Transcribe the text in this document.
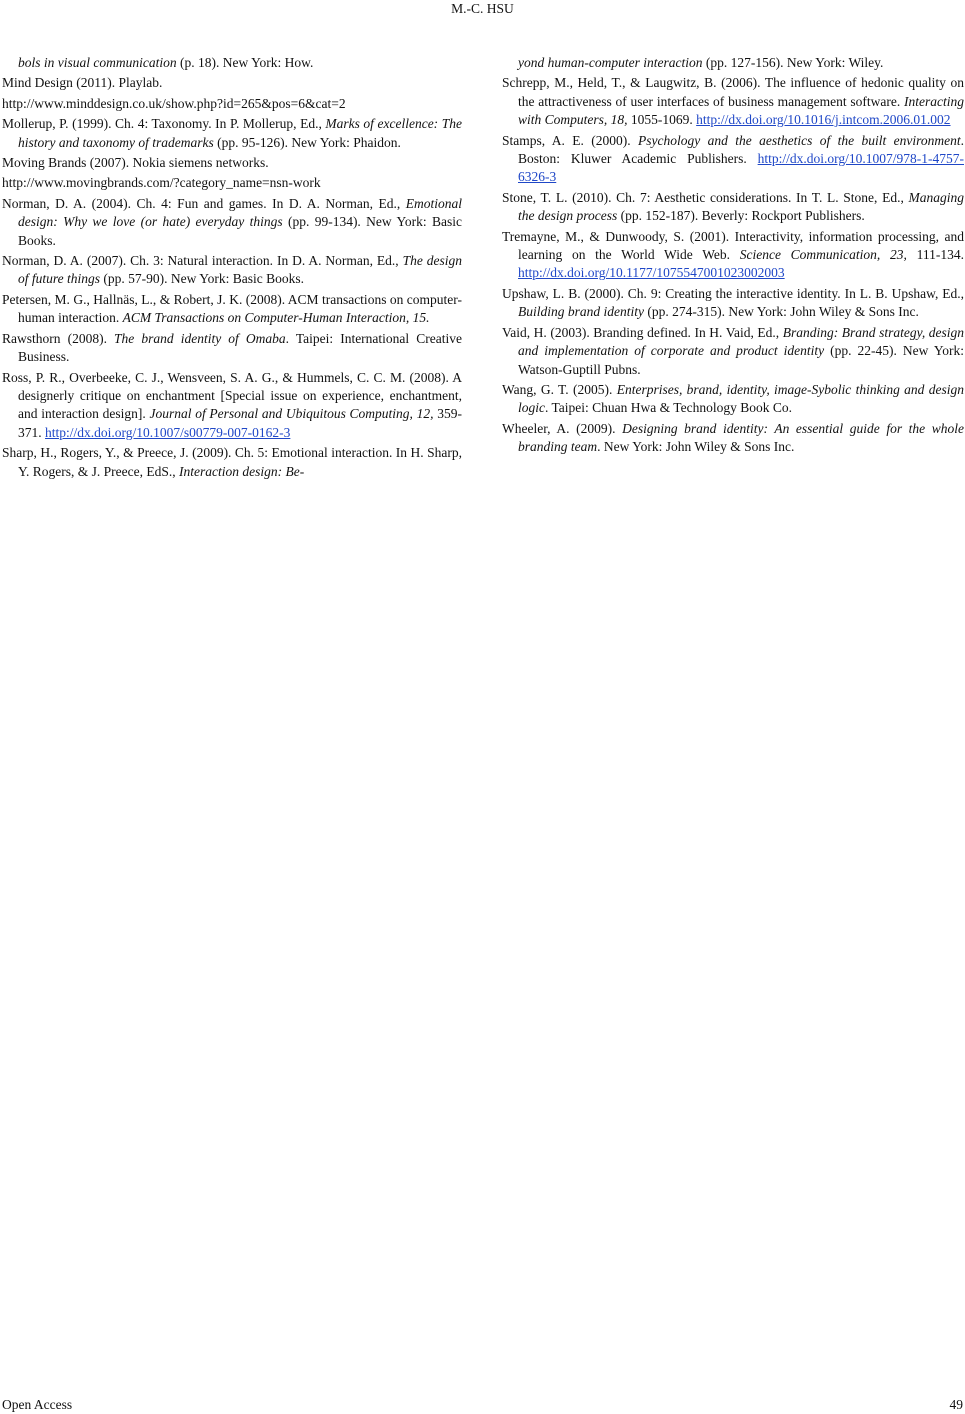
M.-C. HSU

bols in visual communication (p. 18). New York: How.

Mind Design (2011). Playlab.

http://www.minddesign.co.uk/show.php?id=265&pos=6&cat=2

Mollerup, P. (1999). Ch. 4: Taxonomy. In P. Mollerup, Ed., Marks of excellence: The history and taxonomy of trademarks (pp. 95-126). New York: Phaidon.

Moving Brands (2007). Nokia siemens networks.

http://www.movingbrands.com/?category_name=nsn-work

Norman, D. A. (2004). Ch. 4: Fun and games. In D. A. Norman, Ed., Emotional design: Why we love (or hate) everyday things (pp. 99-134). New York: Basic Books.

Norman, D. A. (2007). Ch. 3: Natural interaction. In D. A. Norman, Ed., The design of future things (pp. 57-90). New York: Basic Books.

Petersen, M. G., Hallnäs, L., & Robert, J. K. (2008). ACM transactions on computer-human interaction. ACM Transactions on Computer-Human Interaction, 15.

Rawsthorn (2008). The brand identity of Omaba. Taipei: International Creative Business.

Ross, P. R., Overbeeke, C. J., Wensveen, S. A. G., & Hummels, C. C. M. (2008). A designerly critique on enchantment [Special issue on experience, enchantment, and interaction design]. Journal of Personal and Ubiquitous Computing, 12, 359-371. http://dx.doi.org/10.1007/s00779-007-0162-3

Sharp, H., Rogers, Y., & Preece, J. (2009). Ch. 5: Emotional interaction. In H. Sharp, Y. Rogers, & J. Preece, EdS., Interaction design: Be-

yond human-computer interaction (pp. 127-156). New York: Wiley.

Schrepp, M., Held, T., & Laugwitz, B. (2006). The influence of hedonic quality on the attractiveness of user interfaces of business management software. Interacting with Computers, 18, 1055-1069. http://dx.doi.org/10.1016/j.intcom.2006.01.002

Stamps, A. E. (2000). Psychology and the aesthetics of the built environment. Boston: Kluwer Academic Publishers. http://dx.doi.org/10.1007/978-1-4757-6326-3

Stone, T. L. (2010). Ch. 7: Aesthetic considerations. In T. L. Stone, Ed., Managing the design process (pp. 152-187). Beverly: Rockport Publishers.

Tremayne, M., & Dunwoody, S. (2001). Interactivity, information processing, and learning on the World Wide Web. Science Communication, 23, 111-134. http://dx.doi.org/10.1177/1075547001023002003

Upshaw, L. B. (2000). Ch. 9: Creating the interactive identity. In L. B. Upshaw, Ed., Building brand identity (pp. 274-315). New York: John Wiley & Sons Inc.

Vaid, H. (2003). Branding defined. In H. Vaid, Ed., Branding: Brand strategy, design and implementation of corporate and product identity (pp. 22-45). New York: Watson-Guptill Pubns.

Wang, G. T. (2005). Enterprises, brand, identity, image-Sybolic thinking and design logic. Taipei: Chuan Hwa & Technology Book Co.

Wheeler, A. (2009). Designing brand identity: An essential guide for the whole branding team. New York: John Wiley & Sons Inc.

Open Access	49
